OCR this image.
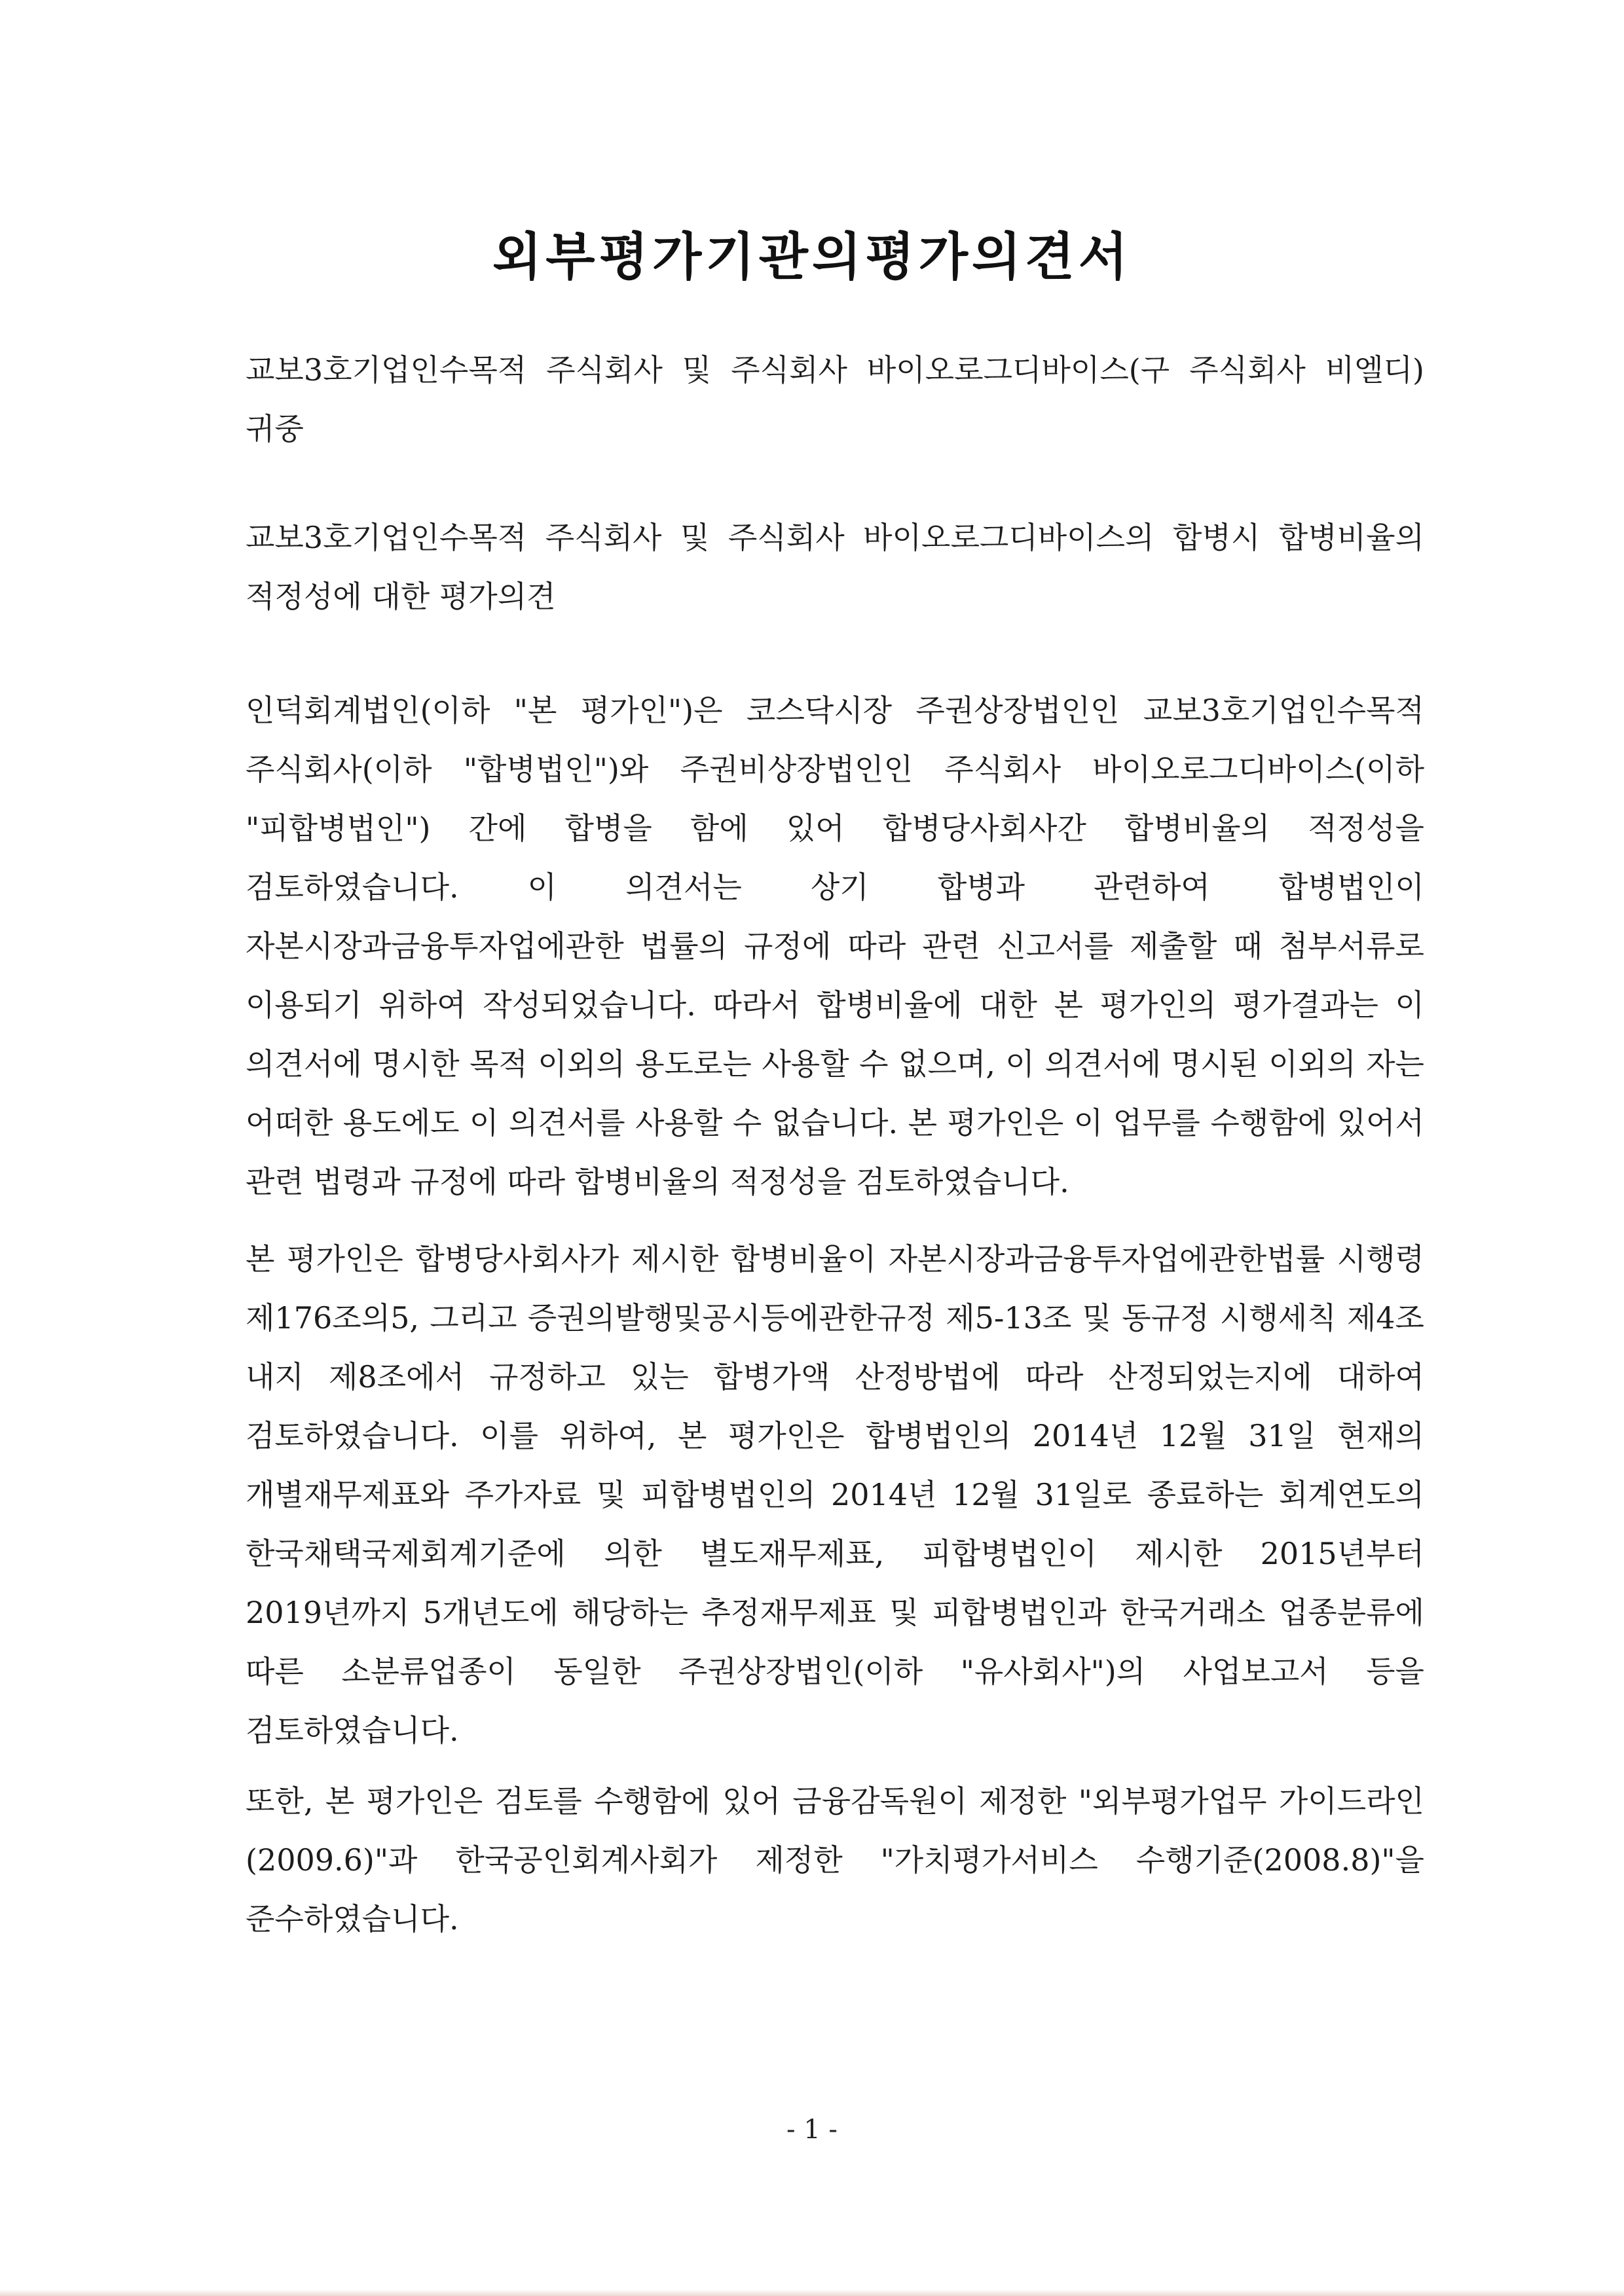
외부평가기관의평가의견서
교보3호기업인수목적 주식회사 및 주식회사 바이오로그디바이스(구 주식회사 비엘디) 귀중
교보3호기업인수목적 주식회사 및 주식회사 바이오로그디바이스의 합병시 합병비율의 적정성에 대한 평가의견
인덕회계법인(이하 "본 평가인")은 코스닥시장 주권상장법인인 교보3호기업인수목적 주식회사(이하 "합병법인")와 주권비상장법인인 주식회사 바이오로그디바이스(이하 "피합병법인") 간에 합병을 함에 있어 합병당사회사간 합병비율의 적정성을 검토하였습니다. 이 의견서는 상기 합병과 관련하여 합병법인이 자본시장과금융투자업에관한 법률의 규정에 따라 관련 신고서를 제출할 때 첨부서류로 이용되기 위하여 작성되었습니다. 따라서 합병비율에 대한 본 평가인의 평가결과는 이 의견서에 명시한 목적 이외의 용도로는 사용할 수 없으며, 이 의견서에 명시된 이외의 자는 어떠한 용도에도 이 의견서를 사용할 수 없습니다. 본 평가인은 이 업무를 수행함에 있어서 관련 법령과 규정에 따라 합병비율의 적정성을 검토하였습니다.
본 평가인은 합병당사회사가 제시한 합병비율이 자본시장과금융투자업에관한법률 시행령 제176조의5, 그리고 증권의발행및공시등에관한규정 제5-13조 및 동규정 시행세칙 제4조 내지 제8조에서 규정하고 있는 합병가액 산정방법에 따라 산정되었는지에 대하여 검토하였습니다. 이를 위하여, 본 평가인은 합병법인의 2014년 12월 31일 현재의 개별재무제표와 주가자료 및 피합병법인의 2014년 12월 31일로 종료하는 회계연도의 한국채택국제회계기준에 의한 별도재무제표, 피합병법인이 제시한 2015년부터 2019년까지 5개년도에 해당하는 추정재무제표 및 피합병법인과 한국거래소 업종분류에 따른 소분류업종이 동일한 주권상장법인(이하 "유사회사")의 사업보고서 등을 검토하였습니다.
또한, 본 평가인은 검토를 수행함에 있어 금융감독원이 제정한 "외부평가업무 가이드라인(2009.6)"과 한국공인회계사회가 제정한 "가치평가서비스 수행기준(2008.8)"을 준수하였습니다.
- 1 -
